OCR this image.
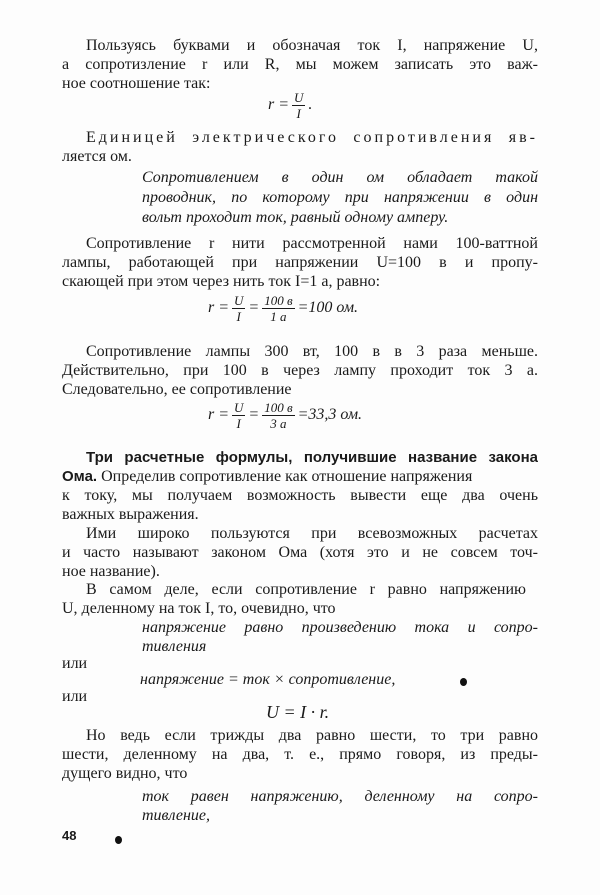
Пользуясь буквами и обозначая ток I, напряжение U,
а сопротизление r или R, мы можем записать это важ-
ное соотношение так:
$r = \frac{U}{I}$ .
Единицей электрического сопротивления яв-
ляется ом.
Сопротивлением в один ом обладает такой
проводник, по которому при напряжении в один
вольт проходит ток, равный одному амперу.
Сопротивление r нити рассмотренной нами 100-ваттной
лампы, работающей при напряжении U=100 в и пропу-
скающей при этом через нить ток I=1 а, равно:
$r = \frac{U}{I} = \frac{100 в}{1 а} =100$ ом.
Сопротивление лампы 300 вт, 100 в в 3 раза меньше.
Действительно, при 100 в через лампу проходит ток 3 а.
Следовательно, ее сопротивление
$r = \frac{U}{I} = \frac{100 в}{3 а} =33,3$ ом.
Три расчетные формулы, получившие название закона
Ома. Определив сопротивление как отношение напряжения
к току, мы получаем возможность вывести еще два очень
важных выражения.
Ими широко пользуются при всевозможных расчетах
и часто называют законом Ома (хотя это и не совсем точ-
ное название).
В самом деле, если сопротивление r равно напряжению
U, деленному на ток I, то, очевидно, что
напряжение равно произведению тока и сопро-
тивления
или
напряжение = ток × сопротивление,
или
U = I · r.
Но ведь если трижды два равно шести, то три равно
шести, деленному на два, т. е., прямо говоря, из преды-
дущего видно, что
ток равен напряжению, деленному на сопро-
тивление,
48
